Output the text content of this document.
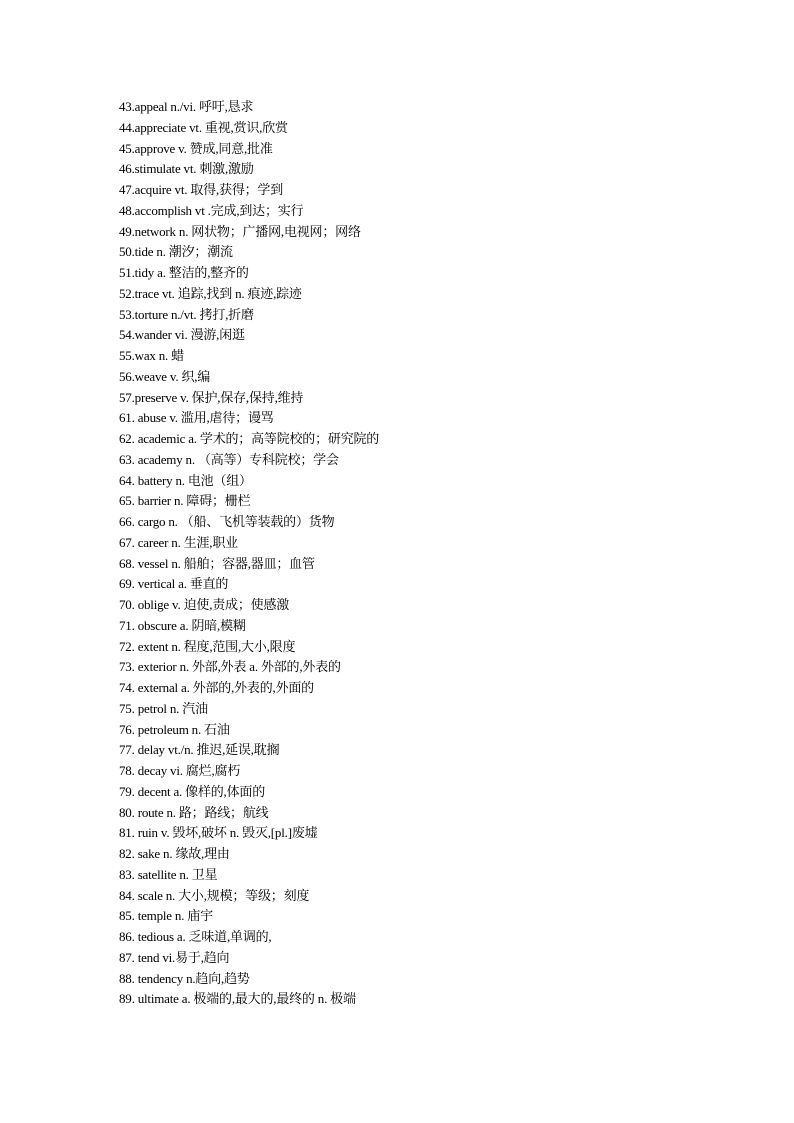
43.appeal n./vi. 呼吁,恳求
44.appreciate vt. 重视,赏识,欣赏
45.approve v. 赞成,同意,批准
46.stimulate vt. 刺激,激励
47.acquire vt. 取得,获得；学到
48.accomplish vt .完成,到达；实行
49.network n. 网状物；广播网,电视网；网络
50.tide n. 潮汐；潮流
51.tidy a. 整洁的,整齐的
52.trace vt. 追踪,找到 n. 痕迹,踪迹
53.torture n./vt. 拷打,折磨
54.wander vi. 漫游,闲逛
55.wax n. 蜡
56.weave v. 织,编
57.preserve v. 保护,保存,保持,维持
61. abuse v. 滥用,虐待；谩骂
62. academic a. 学术的；高等院校的；研究院的
63. academy n. （高等）专科院校；学会
64. battery n. 电池（组）
65. barrier n. 障碍；栅栏
66. cargo n. （船、飞机等装载的）货物
67. career n. 生涯,职业
68. vessel n. 船舶；容器,器皿；血管
69. vertical a. 垂直的
70. oblige v. 迫使,责成；使感激
71. obscure a. 阴暗,模糊
72. extent n. 程度,范围,大小,限度
73. exterior n. 外部,外表 a. 外部的,外表的
74. external a. 外部的,外表的,外面的
75. petrol n. 汽油
76. petroleum n. 石油
77. delay vt./n. 推迟,延误,耽搁
78. decay vi. 腐烂,腐朽
79. decent a. 像样的,体面的
80. route n. 路；路线；航线
81. ruin v. 毁坏,破坏 n. 毁灭,[pl.]废墟
82. sake n. 缘故,理由
83. satellite n. 卫星
84. scale n. 大小,规模；等级；刻度
85. temple n. 庙宇
86. tedious a. 乏味道,单调的,
87. tend vi.易于,趋向
88. tendency n.趋向,趋势
89. ultimate a. 极端的,最大的,最终的 n. 极端
